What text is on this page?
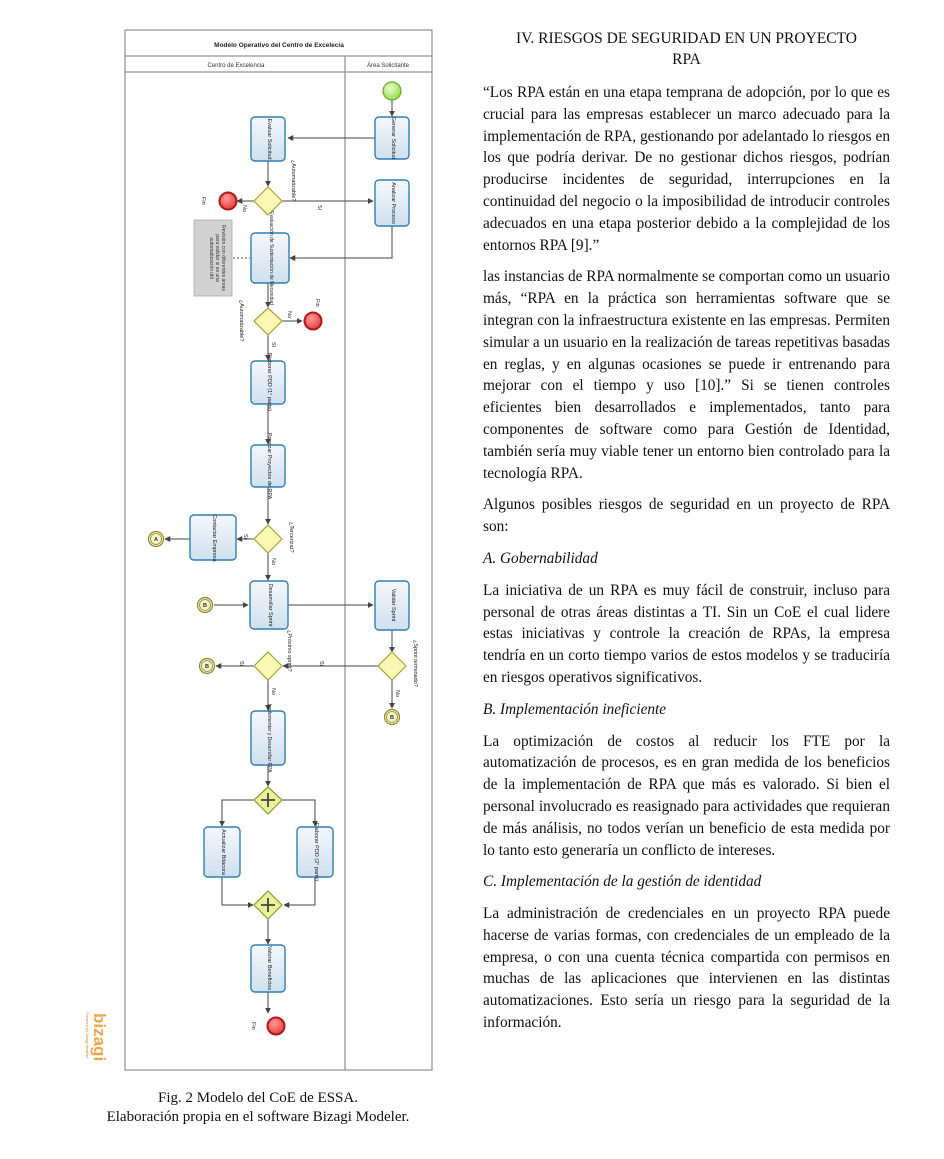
Modelo Operativo del Centro de Excelecia
Centro de Excelencia	Área Solicitante
Generar Solicitud
Evaluar Solicitud
Analizar Proceso
Evaluación de Sustentación de Necesidad
Elaborar PDD (1° parte)
Priorizar Proyectos de RPA
Contactar Empresa
Desarrollar Sprint	Validar Sprint
Implementar y Desarrollar RPA
Actualizar Bitácora	Elaborar PDD (2° parte)
Valorar Beneficios
¿Automatizable?
¿Automatizable?
¿Tercerizar?
¿Próximo sprint?	¿Sprint terminado?
No	Sí
No
Sí
Sí
No
Sí
Sí
No
No
Fin
Fin
Fin
A
B
B
B
Revisión con diferentes áreas para validar si es una automatización útil
bizagi
Powered by Bizagi Modeler
Fig. 2 Modelo del CoE de ESSA.
Elaboración propia en el software Bizagi Modeler.
IV. RIESGOS DE SEGURIDAD EN UN PROYECTO
RPA

“Los RPA están en una etapa temprana de adopción, por lo que es crucial para las empresas establecer un marco adecuado para la implementación de RPA, gestionando por adelantado lo riesgos en los que podría derivar. De no gestionar dichos riesgos, podrían producirse incidentes de seguridad, interrupciones en la continuidad del negocio o la imposibilidad de introducir controles adecuados en una etapa posterior debido a la complejidad de los entornos RPA [9].”

las instancias de RPA normalmente se comportan como un usuario más, “RPA en la práctica son herramientas software que se integran con la infraestructura existente en las empresas. Permiten simular a un usuario en la realización de tareas repetitivas basadas en reglas, y en algunas ocasiones se puede ir entrenando para mejorar con el tiempo y uso [10].” Si se tienen controles eficientes bien desarrollados e implementados, tanto para componentes de software como para Gestión de Identidad, también sería muy viable tener un entorno bien controlado para la tecnología RPA.

Algunos posibles riesgos de seguridad en un proyecto de RPA son:

A. Gobernabilidad

La iniciativa de un RPA es muy fácil de construir, incluso para personal de otras áreas distintas a TI. Sin un CoE el cual lidere estas iniciativas y controle la creación de RPAs, la empresa tendría en un corto tiempo varios de estos modelos y se traduciría en riesgos operativos significativos.

B. Implementación ineficiente

La optimización de costos al reducir los FTE por la automatización de procesos, es en gran medida de los beneficios de la implementación de RPA que más es valorado. Si bien el personal involucrado es reasignado para actividades que requieran de más análisis, no todos verían un beneficio de esta medida por lo tanto esto generaría un conflicto de intereses.

C. Implementación de la gestión de identidad

La administración de credenciales en un proyecto RPA puede hacerse de varias formas, con credenciales de un empleado de la empresa, o con una cuenta técnica compartida con permisos en muchas de las aplicaciones que intervienen en las distintas automatizaciones. Esto sería un riesgo para la seguridad de la información.
